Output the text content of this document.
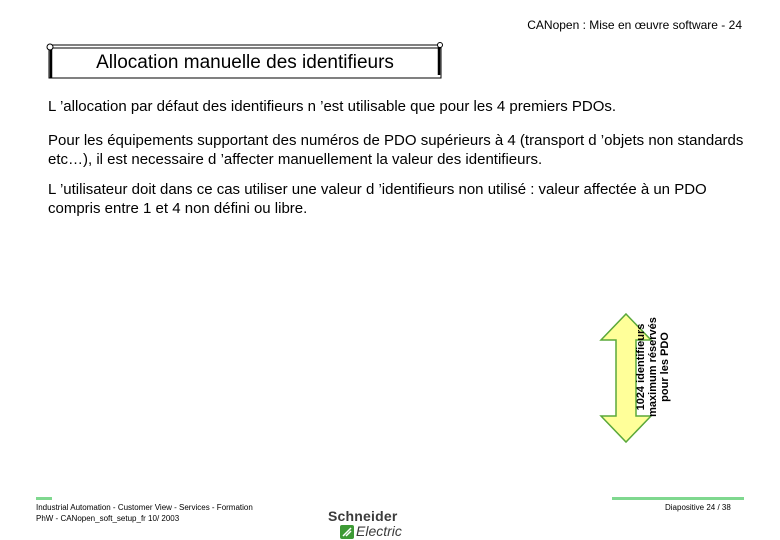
CANopen : Mise en œuvre software - 24
Allocation manuelle des identifieurs
L ’allocation par défaut des identifieurs n ’est utilisable que pour les 4 premiers PDOs.
Pour les équipements supportant des numéros de PDO supérieurs à 4 (transport d ’objets non standards etc…), il est necessaire d ’affecter manuellement la valeur des identifieurs.
L ’utilisateur doit dans ce cas utiliser une valeur d ’identifieurs non utilisé : valeur affectée à un PDO compris entre 1 et 4 non défini ou libre.
1024 identifieurs maximum réservés pour les PDO
Industrial Automation - Customer View - Services - Formation
PhW - CANopen_soft_setup_fr 10/ 2003	Schneider
Electric
Diapositive 24 / 38
